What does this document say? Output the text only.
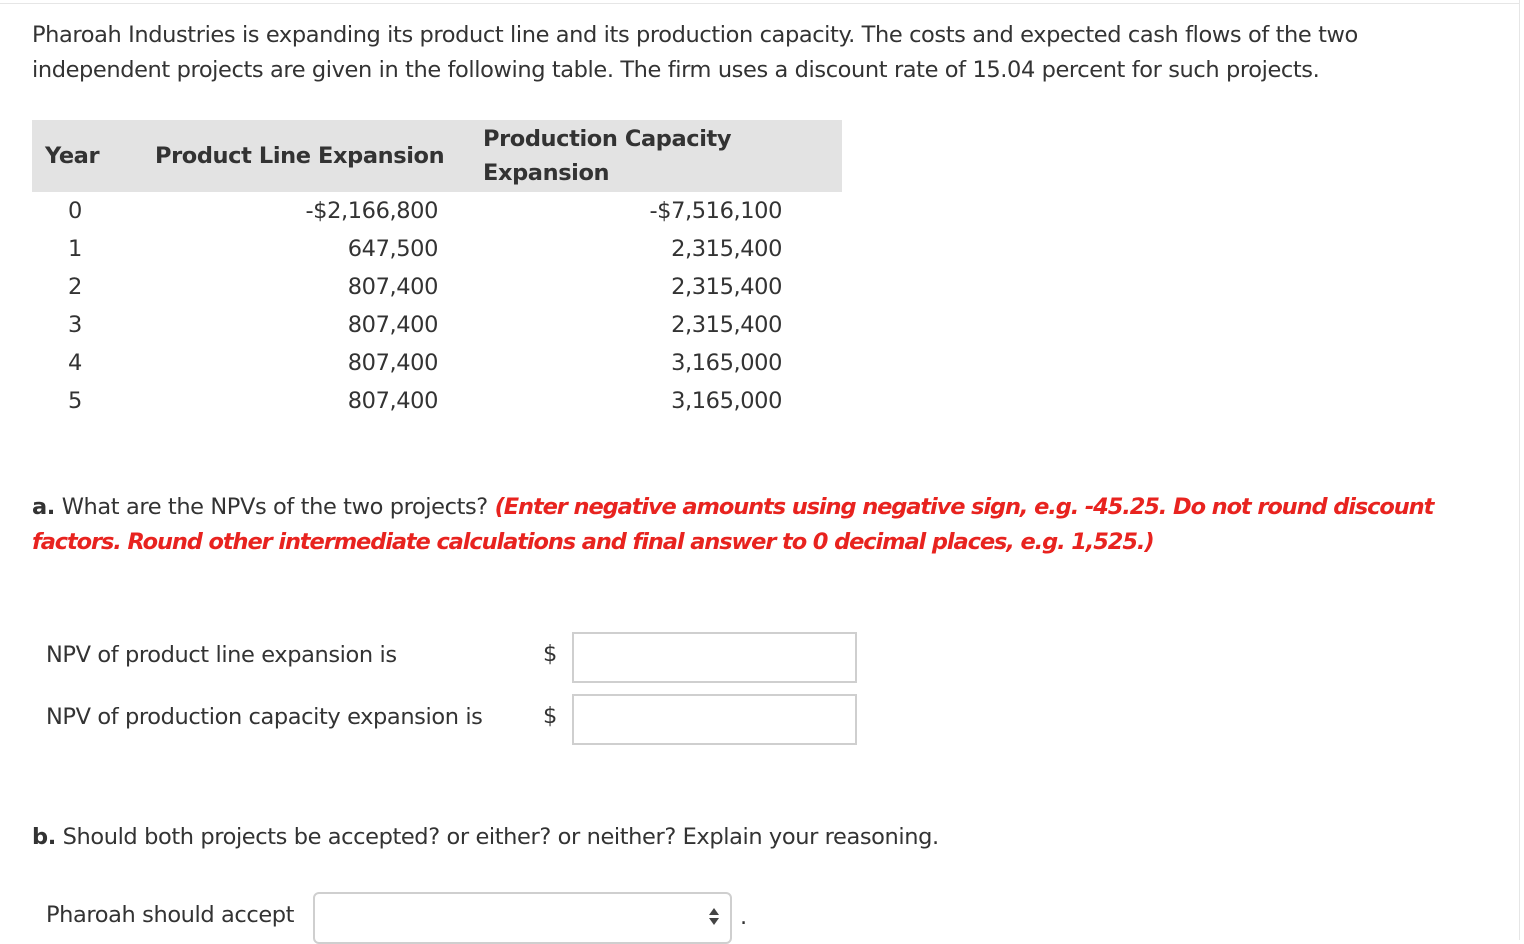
Pharoah Industries is expanding its product line and its production capacity. The costs and expected cash flows of the two independent projects are given in the following table. The firm uses a discount rate of 15.04 percent for such projects.

Year	Product Line Expansion	Production Capacity Expansion
0	-$2,166,800	-$7,516,100
1	647,500	2,315,400
2	807,400	2,315,400
3	807,400	2,315,400
4	807,400	3,165,000
5	807,400	3,165,000

a. What are the NPVs of the two projects? (Enter negative amounts using negative sign, e.g. -45.25. Do not round discount factors. Round other intermediate calculations and final answer to 0 decimal places, e.g. 1,525.)

NPV of product line expansion is	$
NPV of production capacity expansion is	$

b. Should both projects be accepted? or either? or neither? Explain your reasoning.

Pharoah should accept	.
